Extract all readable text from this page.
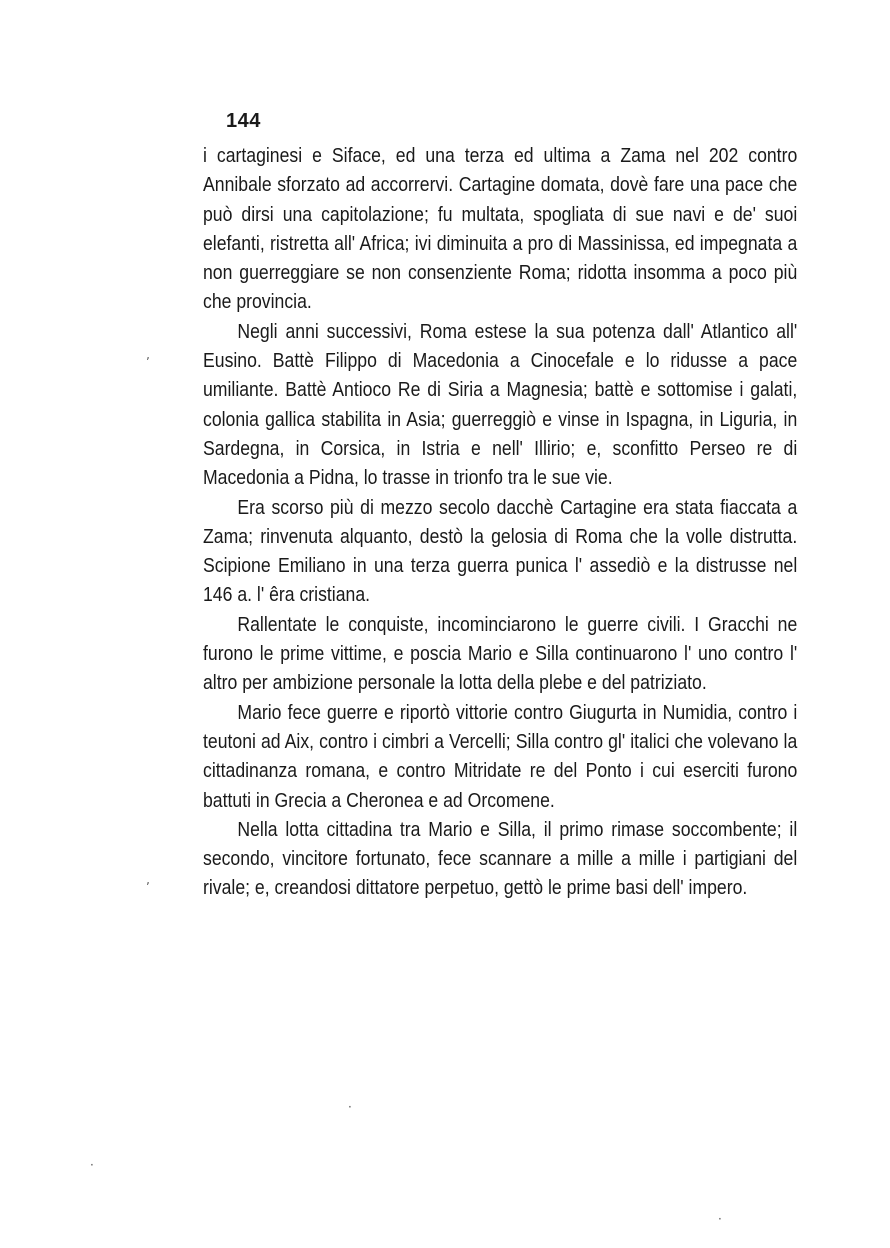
144

i cartaginesi e Siface, ed una terza ed ultima a Zama nel 202 contro Annibale sforzato ad accorrervi. Cartagine domata, dovè fare una pace che può dirsi una capitolazione; fu multata, spogliata di sue navi e de' suoi elefanti, ristretta all' Africa; ivi diminuita a pro di Massinissa, ed impegnata a non guerreggiare se non consenziente Roma; ridotta insomma a poco più che provincia.

Negli anni successivi, Roma estese la sua potenza dall' Atlantico all' Eusino. Battè Filippo di Macedonia a Cinocefale e lo ridusse a pace umiliante. Battè Antioco Re di Siria a Magnesia; battè e sottomise i galati, colonia gallica stabilita in Asia; guerreggiò e vinse in Ispagna, in Liguria, in Sardegna, in Corsica, in Istria e nell' Illirio; e, sconfitto Perseo re di Macedonia a Pidna, lo trasse in trionfo tra le sue vie.

Era scorso più di mezzo secolo dacchè Cartagine era stata fiaccata a Zama; rinvenuta alquanto, destò la gelosia di Roma che la volle distrutta. Scipione Emiliano in una terza guerra punica l' assediò e la distrusse nel 146 a. l' êra cristiana.

Rallentate le conquiste, incominciarono le guerre civili. I Gracchi ne furono le prime vittime, e poscia Mario e Silla continuarono l' uno contro l' altro per ambizione personale la lotta della plebe e del patriziato.

Mario fece guerre e riportò vittorie contro Giugurta in Numidia, contro i teutoni ad Aix, contro i cimbri a Vercelli; Silla contro gl' italici che volevano la cittadinanza romana, e contro Mitridate re del Ponto i cui eserciti furono battuti in Grecia a Cheronea e ad Orcomene.

Nella lotta cittadina tra Mario e Silla, il primo rimase soccombente; il secondo, vincitore fortunato, fece scannare a mille a mille i partigiani del rivale; e, creandosi dittatore perpetuo, gettò le prime basi dell' impero.

ʼ
ʼ
·
·
·
